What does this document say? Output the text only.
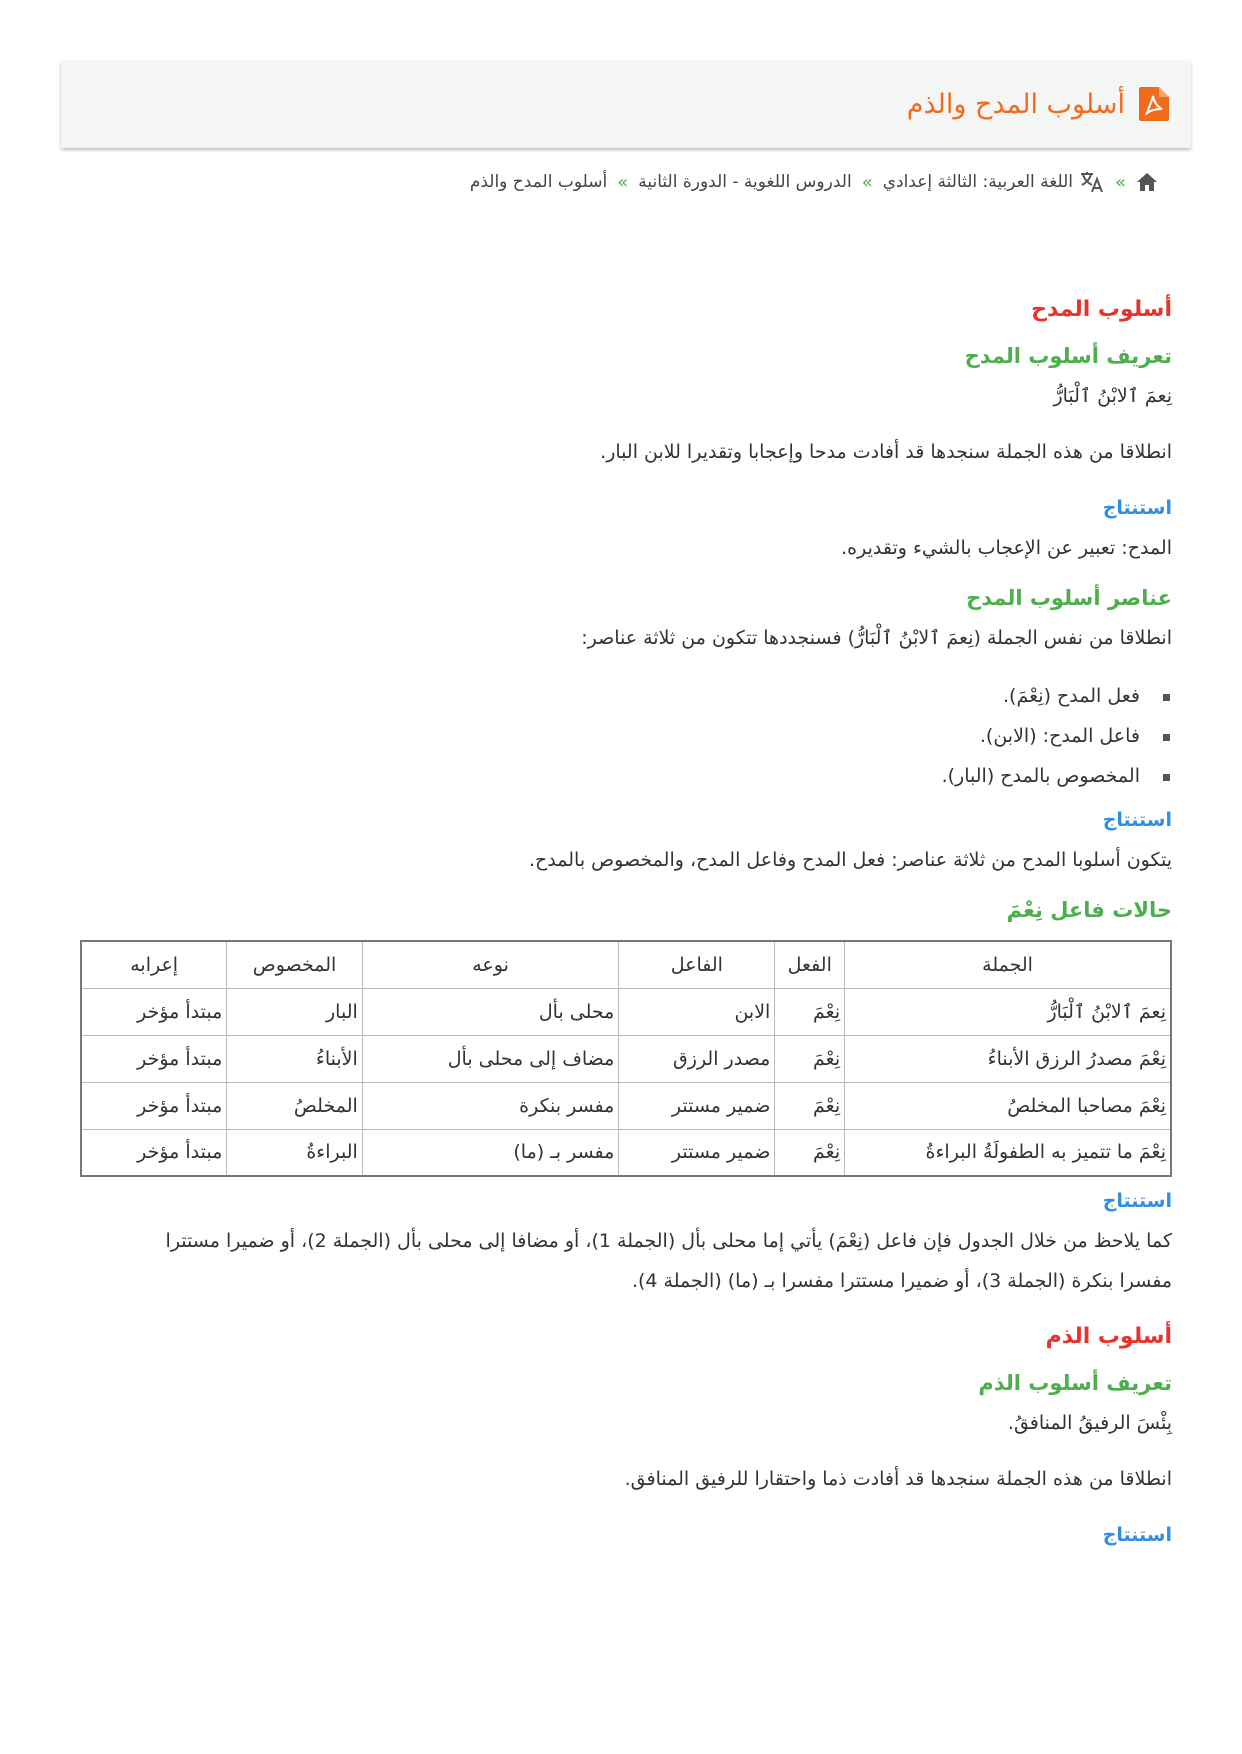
أسلوب المدح والذم
»
اللغة العربية: الثالثة إعدادي
»
الدروس اللغوية - الدورة الثانية
»
أسلوب المدح والذم
أسلوب المدح
تعريف أسلوب المدح

نِعمَ ٱلابْنُ ٱلْبَارُّ

انطلاقا من هذه الجملة سنجدها قد أفادت مدحا وإعجابا وتقديرا للابن البار.

استنتاج

المدح: تعبير عن الإعجاب بالشيء وتقديره.

عناصر أسلوب المدح

انطلاقا من نفس الجملة (نِعمَ ٱلابْنُ ٱلْبَارُّ) فسنجددها تتكون من ثلاثة عناصر:

فعل المدح (نِعْمَ).
فاعل المدح: (الابن).
المخصوص بالمدح (البار).
استنتاج

يتكون أسلوبا المدح من ثلاثة عناصر: فعل المدح وفاعل المدح، والمخصوص بالمدح.

حالات فاعل نِعْمَ
الجملة	الفعل	الفاعل	نوعه	المخصوص	إعرابه
نِعمَ ٱلابْنُ ٱلْبَارُّ	نِعْمَ	الابن	محلى بأل	البار	مبتدأ مؤخر
نِعْمَ مصدرُ الرزق الأبناءُ	نِعْمَ	مصدر الرزق	مضاف إلى محلى بأل	الأبناءُ	مبتدأ مؤخر
نِعْمَ مصاحبا المخلصُ	نِعْمَ	ضمير مستتر	مفسر بنكرة	المخلصُ	مبتدأ مؤخر
نِعْمَ ما تتميز به الطفولَةُ البراءةُ	نِعْمَ	ضمير مستتر	مفسر بـ (ما)	البراءةُ	مبتدأ مؤخر
استنتاج

كما يلاحظ من خلال الجدول فإن فاعل (نِعْمَ) يأتي إما محلى بأل (الجملة 1)، أو مضافا إلى محلى بأل (الجملة 2)، أو ضميرا مستترا

مفسرا بنكرة (الجملة 3)، أو ضميرا مستترا مفسرا بـ (ما) (الجملة 4).

أسلوب الذم
تعريف أسلوب الذم

بِئْسَ الرفيقُ المنافقُ.

انطلاقا من هذه الجملة سنجدها قد أفادت ذما واحتقارا للرفيق المنافق.

استنتاج
